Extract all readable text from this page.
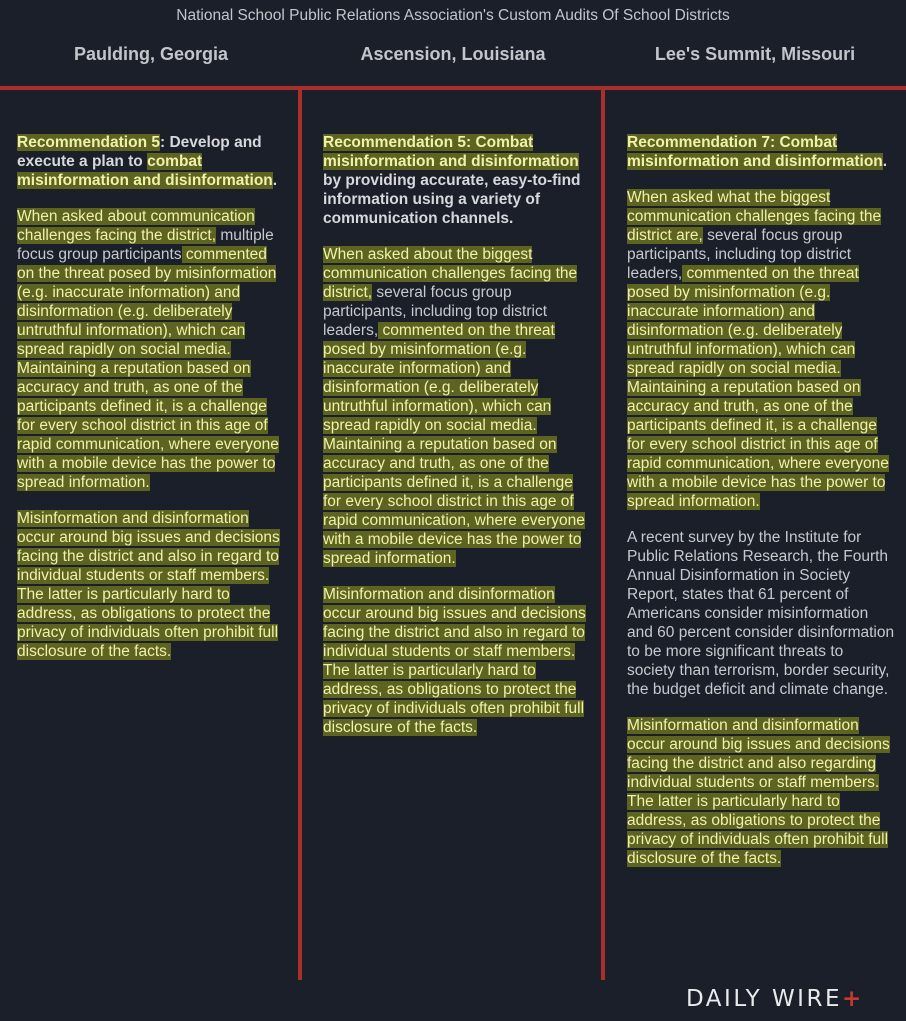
National School Public Relations Association's Custom Audits Of School Districts
Paulding, Georgia	Ascension, Louisiana	Lee's Summit, Missouri

Recommendation 5: Develop and execute a plan to combat misinformation and disinformation.

When asked about communication challenges facing the district, multiple focus group participants commented on the threat posed by misinformation (e.g. inaccurate information) and disinformation (e.g. deliberately untruthful information), which can spread rapidly on social media. Maintaining a reputation based on accuracy and truth, as one of the participants defined it, is a challenge for every school district in this age of rapid communication, where everyone with a mobile device has the power to spread information.

Misinformation and disinformation occur around big issues and decisions facing the district and also in regard to individual students or staff members. The latter is particularly hard to address, as obligations to protect the privacy of individuals often prohibit full disclosure of the facts.

Recommendation 5: Combat misinformation and disinformation by providing accurate, easy-to-find information using a variety of communication channels.

When asked about the biggest communication challenges facing the district, several focus group participants, including top district leaders, commented on the threat posed by misinformation (e.g. inaccurate information) and disinformation (e.g. deliberately untruthful information), which can spread rapidly on social media. Maintaining a reputation based on accuracy and truth, as one of the participants defined it, is a challenge for every school district in this age of rapid communication, where everyone with a mobile device has the power to spread information.

Misinformation and disinformation occur around big issues and decisions facing the district and also in regard to individual students or staff members. The latter is particularly hard to address, as obligations to protect the privacy of individuals often prohibit full disclosure of the facts.

Recommendation 7: Combat misinformation and disinformation.

When asked what the biggest communication challenges facing the district are, several focus group participants, including top district leaders, commented on the threat posed by misinformation (e.g. inaccurate information) and disinformation (e.g. deliberately untruthful information), which can spread rapidly on social media. Maintaining a reputation based on accuracy and truth, as one of the participants defined it, is a challenge for every school district in this age of rapid communication, where everyone with a mobile device has the power to spread information.

A recent survey by the Institute for Public Relations Research, the Fourth Annual Disinformation in Society Report, states that 61 percent of Americans consider misinformation and 60 percent consider disinformation to be more significant threats to society than terrorism, border security, the budget deficit and climate change.

Misinformation and disinformation occur around big issues and decisions facing the district and also regarding individual students or staff members. The latter is particularly hard to address, as obligations to protect the privacy of individuals often prohibit full disclosure of the facts.

DAILY WIRE+
